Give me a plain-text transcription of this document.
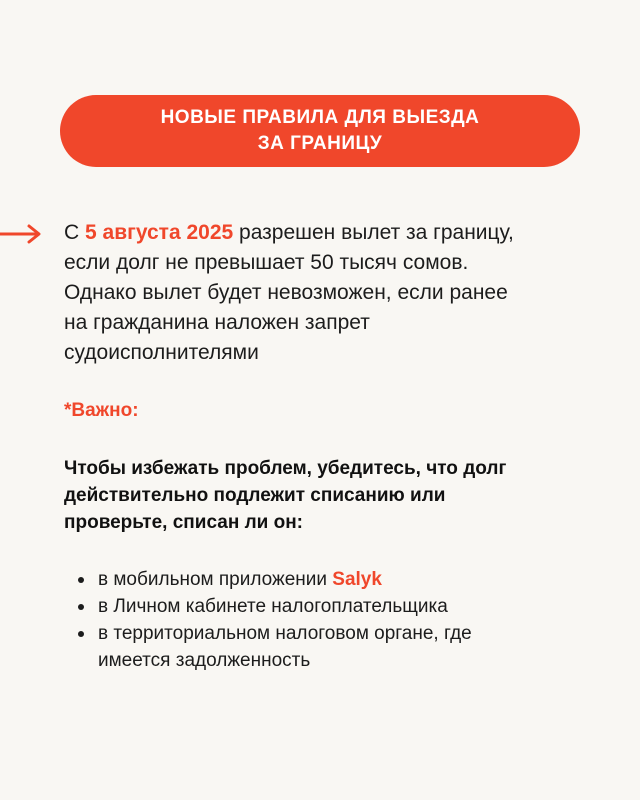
НОВЫЕ ПРАВИЛА ДЛЯ ВЫЕЗДА
ЗА ГРАНИЦУ
С 5 августа 2025 разрешен вылет за границу,
если долг не превышает 50 тысяч сомов.
Однако вылет будет невозможен, если ранее
на гражданина наложен запрет
судоисполнителями
*Важно:
Чтобы избежать проблем, убедитесь, что долг
действительно подлежит списанию или
проверьте, списан ли он:
в мобильном приложении Salyk
в Личном кабинете налогоплательщика
в территориальном налоговом органе, где
имеется задолженность
